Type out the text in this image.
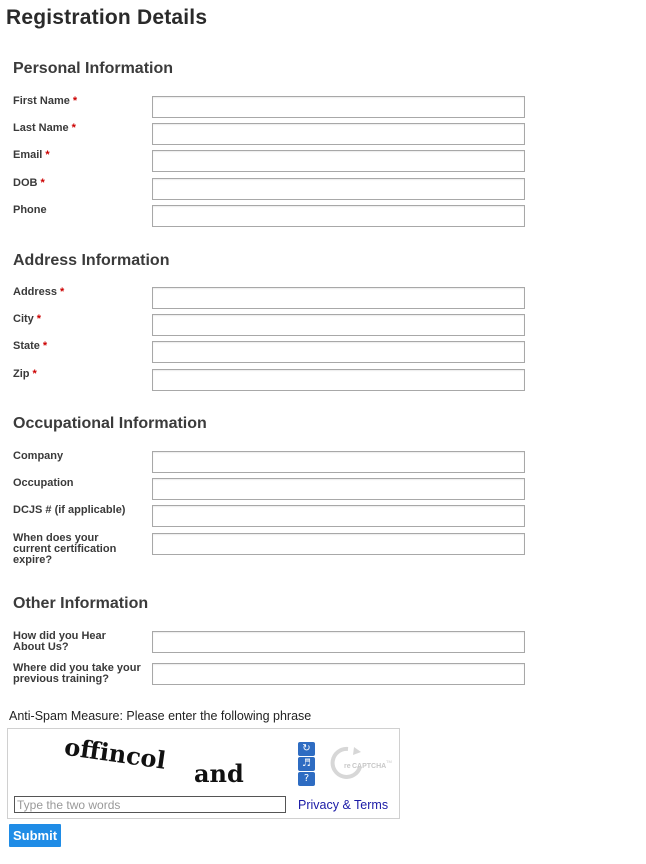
Registration Details
Personal Information
First Name *
Last Name *
Email *
DOB *
Phone
Address Information
Address *
City *
State *
Zip *
Occupational Information
Company
Occupation
DCJS # (if applicable)
When does your current certification expire?
Other Information
How did you Hear About Us?
Where did you take your previous training?
Anti-Spam Measure: Please enter the following phrase
offincol and
↻
♬
?
re CAPTCHA
TM
Type the two words
Privacy & Terms
Submit
